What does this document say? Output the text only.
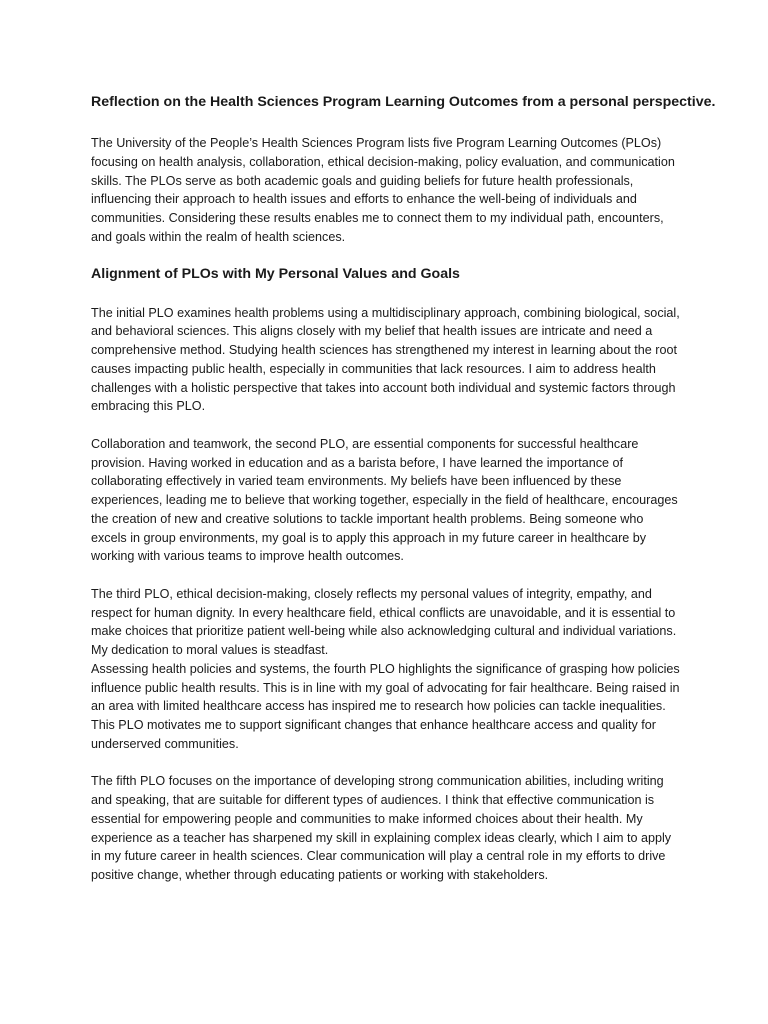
Reflection on the Health Sciences Program Learning Outcomes from a personal perspective.

The University of the People’s Health Sciences Program lists five Program Learning Outcomes (PLOs) focusing on health analysis, collaboration, ethical decision-making, policy evaluation, and communication skills. The PLOs serve as both academic goals and guiding beliefs for future health professionals, influencing their approach to health issues and efforts to enhance the well-being of individuals and communities. Considering these results enables me to connect them to my individual path, encounters, and goals within the realm of health sciences.

Alignment of PLOs with My Personal Values and Goals

The initial PLO examines health problems using a multidisciplinary approach, combining biological, social, and behavioral sciences. This aligns closely with my belief that health issues are intricate and need a comprehensive method. Studying health sciences has strengthened my interest in learning about the root causes impacting public health, especially in communities that lack resources. I aim to address health challenges with a holistic perspective that takes into account both individual and systemic factors through embracing this PLO.

Collaboration and teamwork, the second PLO, are essential components for successful healthcare provision. Having worked in education and as a barista before, I have learned the importance of collaborating effectively in varied team environments. My beliefs have been influenced by these experiences, leading me to believe that working together, especially in the field of healthcare, encourages the creation of new and creative solutions to tackle important health problems. Being someone who excels in group environments, my goal is to apply this approach in my future career in healthcare by working with various teams to improve health outcomes.

The third PLO, ethical decision-making, closely reflects my personal values of integrity, empathy, and respect for human dignity. In every healthcare field, ethical conflicts are unavoidable, and it is essential to make choices that prioritize patient well-being while also acknowledging cultural and individual variations. My dedication to moral values is steadfast.

Assessing health policies and systems, the fourth PLO highlights the significance of grasping how policies influence public health results. This is in line with my goal of advocating for fair healthcare. Being raised in an area with limited healthcare access has inspired me to research how policies can tackle inequalities. This PLO motivates me to support significant changes that enhance healthcare access and quality for underserved communities.

The fifth PLO focuses on the importance of developing strong communication abilities, including writing and speaking, that are suitable for different types of audiences. I think that effective communication is essential for empowering people and communities to make informed choices about their health. My experience as a teacher has sharpened my skill in explaining complex ideas clearly, which I aim to apply in my future career in health sciences. Clear communication will play a central role in my efforts to drive positive change, whether through educating patients or working with stakeholders.
